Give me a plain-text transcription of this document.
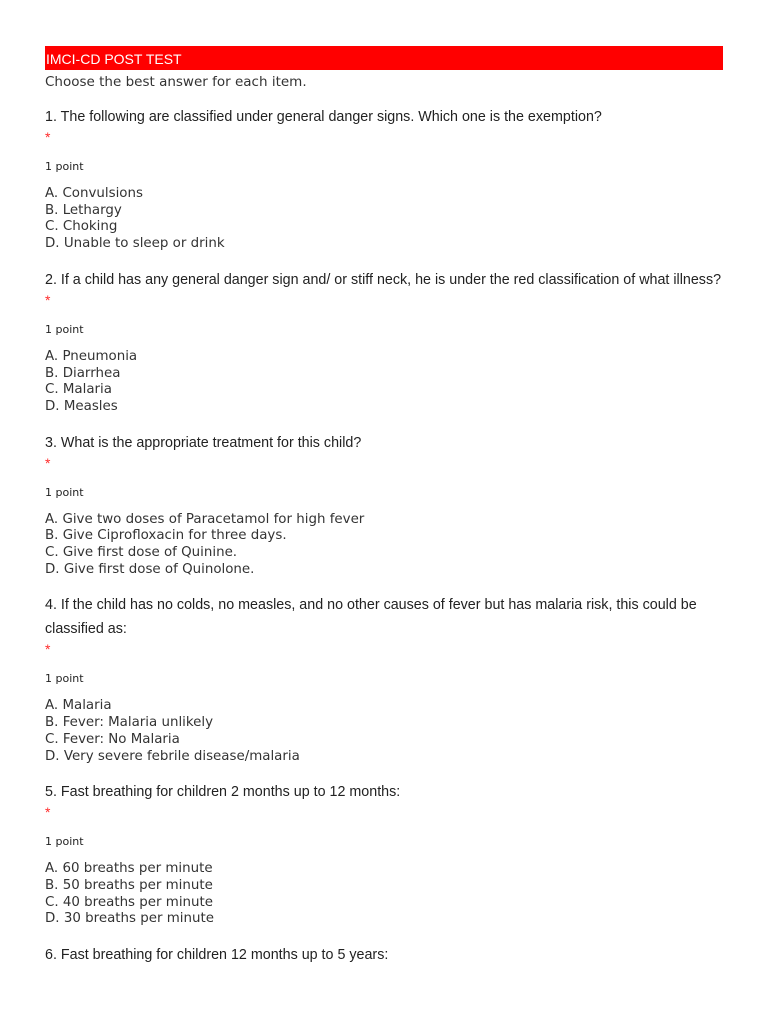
IMCI-CD POST TEST
Choose the best answer for each item.
1. The following are classified under general danger signs. Which one is the exemption?
*
1 point
A. Convulsions
B. Lethargy
C. Choking
D. Unable to sleep or drink
2. If a child has any general danger sign and/ or stiff neck, he is under the red classification of what illness?
*
1 point
A. Pneumonia
B. Diarrhea
C. Malaria
D. Measles
3. What is the appropriate treatment for this child?
*
1 point
A. Give two doses of Paracetamol for high fever
B. Give Ciprofloxacin for three days.
C. Give first dose of Quinine.
D. Give first dose of Quinolone.
4. If the child has no colds, no measles, and no other causes of fever but has malaria risk, this could be classified as:
*
1 point
A. Malaria
B. Fever: Malaria unlikely
C. Fever: No Malaria
D. Very severe febrile disease/malaria
5. Fast breathing for children 2 months up to 12 months:
*
1 point
A. 60 breaths per minute
B. 50 breaths per minute
C. 40 breaths per minute
D. 30 breaths per minute
6. Fast breathing for children 12 months up to 5 years:
